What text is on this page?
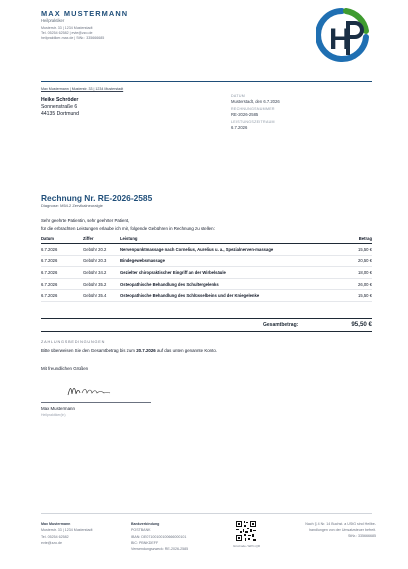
MAX MUSTERMANN
Heilpraktiker
Musterstr. 33 | 1234 Musterstadt
Tel. 05254 62582 | evte@zzo.de
heilpraktiker-max.de | StNr.: 335666685	H
Max Mustermann | Musterstr. 33 | 1234 Musterstadt
Heike Schröder
Sonnenstraße 6
44135 Dortmund
DATUM
Musterstadt, den 6.7.2026
RECHNUNGSNUMMER
RE-2026-2585
LEISTUNGSZEITRAUM
6.7.2026
Rechnung Nr. RE-2026-2585
Diagnose: M54.2 Zervikalneuralgie
Sehr geehrte Patientin, sehr geehrter Patient,
für die erbrachten Leistungen erlaube ich mir, folgende Gebühren in Rechnung zu stellen:
Datum	Ziffer	Leistung	Betrag
6.7.2026	Gebühr 20.2	Nervenpunktmassage nach Cornelius, Aurelius u. a., Spezialnerven-massage	15,50 €
6.7.2026	Gebühr 20.3	Bindegewebsmassage	20,50 €
6.7.2026	Gebühr 34.2	Gezielter chiropraktischer Eingriff an der Wirbelsäule	18,00 €
6.7.2026	Gebühr 35.2	Osteopathische Behandlung des Schultergelenks	26,00 €
6.7.2026	Gebühr 35.4	Osteopathische Behandlung des Schlüsselbeins und der Kniegelenke	15,50 €
Gesamtbetrag:	95,50 €
ZAHLUNGSBEDINGUNGEN
Bitte überweisen Sie den Gesamtbetrag bis zum 20.7.2026 auf das unten genannte Konto.
Mit freundlichen Grüßen
Max Mustermann
Heilpraktiker(in)
Max Mustermann
Musterstr. 33 | 1234 Musterstadt
Tel. 05254 62582
evte@zzo.de
Bankverbindung
POSTBANK
IBAN: DE07100100100666000101
BIC: PBNKDEFF
Verwendungszweck: RE-2026-2585
GiroCode / EPC-QR
Nach § 4 Nr. 14 Buchst. a UStG sind Heilbe-
handlungen von der Umsatzsteuer befreit.
StNr.: 335666685
